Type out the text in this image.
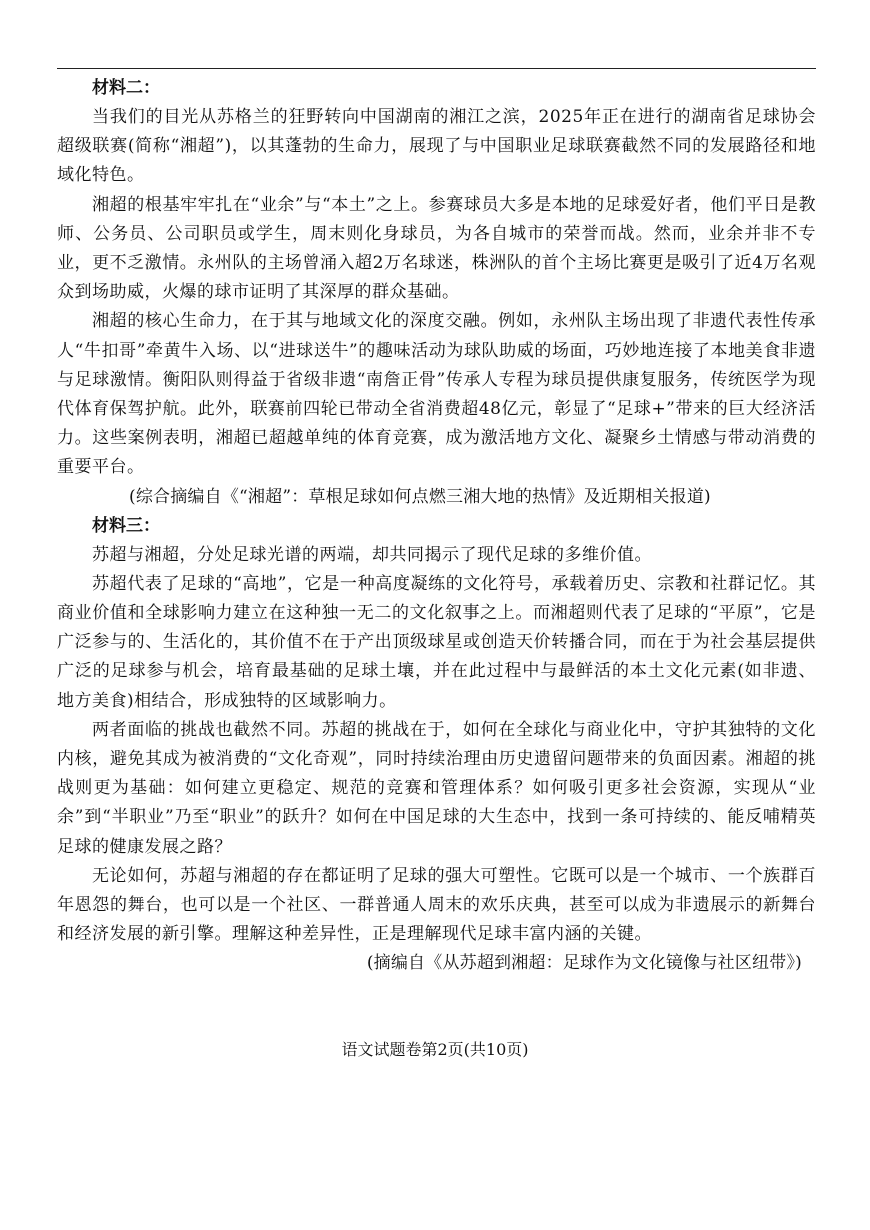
材料二：

当我们的目光从苏格兰的狂野转向中国湖南的湘江之滨，2025年正在进行的湖南省足球协会超级联赛(简称“湘超”)，以其蓬勃的生命力，展现了与中国职业足球联赛截然不同的发展路径和地域化特色。

湘超的根基牢牢扎在“业余”与“本土”之上。参赛球员大多是本地的足球爱好者，他们平日是教师、公务员、公司职员或学生，周末则化身球员，为各自城市的荣誉而战。然而，业余并非不专业，更不乏激情。永州队的主场曾涌入超2万名球迷，株洲队的首个主场比赛更是吸引了近4万名观众到场助威，火爆的球市证明了其深厚的群众基础。

湘超的核心生命力，在于其与地域文化的深度交融。例如，永州队主场出现了非遗代表性传承人“牛扣哥”牵黄牛入场、以“进球送牛”的趣味活动为球队助威的场面，巧妙地连接了本地美食非遗与足球激情。衡阳队则得益于省级非遗“南詹正骨”传承人专程为球员提供康复服务，传统医学为现代体育保驾护航。此外，联赛前四轮已带动全省消费超48亿元，彰显了“足球+”带来的巨大经济活力。这些案例表明，湘超已超越单纯的体育竞赛，成为激活地方文化、凝聚乡土情感与带动消费的重要平台。

(综合摘编自《“湘超”：草根足球如何点燃三湘大地的热情》及近期相关报道)

材料三：

苏超与湘超，分处足球光谱的两端，却共同揭示了现代足球的多维价值。

苏超代表了足球的“高地”，它是一种高度凝练的文化符号，承载着历史、宗教和社群记忆。其商业价值和全球影响力建立在这种独一无二的文化叙事之上。而湘超则代表了足球的“平原”，它是广泛参与的、生活化的，其价值不在于产出顶级球星或创造天价转播合同，而在于为社会基层提供广泛的足球参与机会，培育最基础的足球土壤，并在此过程中与最鲜活的本土文化元素(如非遗、地方美食)相结合，形成独特的区域影响力。

两者面临的挑战也截然不同。苏超的挑战在于，如何在全球化与商业化中，守护其独特的文化内核，避免其成为被消费的“文化奇观”，同时持续治理由历史遗留问题带来的负面因素。湘超的挑战则更为基础：如何建立更稳定、规范的竞赛和管理体系？如何吸引更多社会资源，实现从“业余”到“半职业”乃至“职业”的跃升？如何在中国足球的大生态中，找到一条可持续的、能反哺精英足球的健康发展之路？

无论如何，苏超与湘超的存在都证明了足球的强大可塑性。它既可以是一个城市、一个族群百年恩怨的舞台，也可以是一个社区、一群普通人周末的欢乐庆典，甚至可以成为非遗展示的新舞台和经济发展的新引擎。理解这种差异性，正是理解现代足球丰富内涵的关键。

(摘编自《从苏超到湘超：足球作为文化镜像与社区纽带》)

语文试题卷第2页(共10页)
